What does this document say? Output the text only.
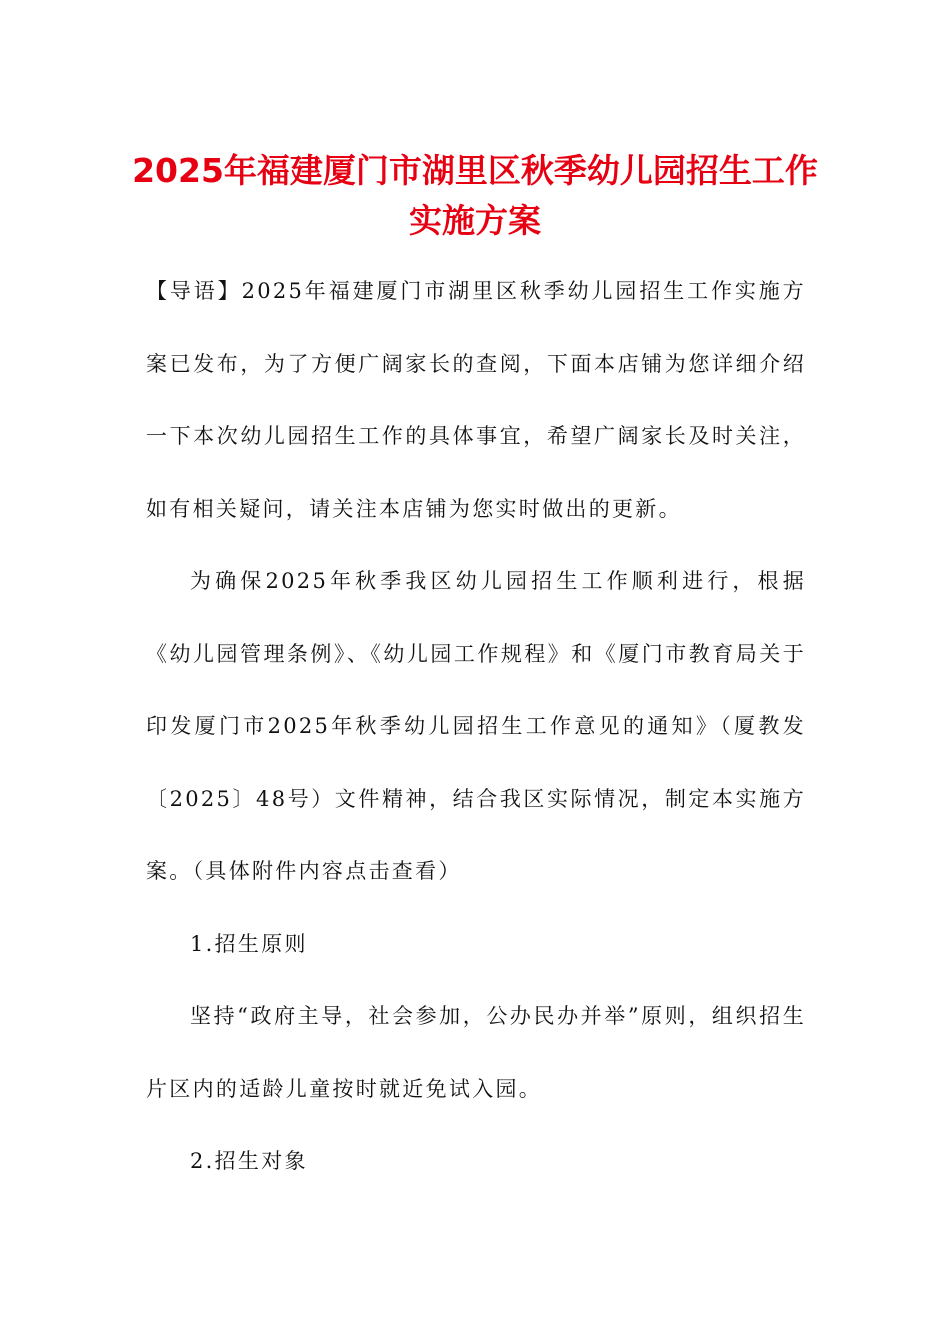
2025年福建厦门市湖里区秋季幼儿园招生工作实施方案

【导语】2025年福建厦门市湖里区秋季幼儿园招生工作实施方案已发布，为了方便广阔家长的查阅，下面本店铺为您详细介绍一下本次幼儿园招生工作的具体事宜，希望广阔家长及时关注，如有相关疑问，请关注本店铺为您实时做出的更新。

为确保2025年秋季我区幼儿园招生工作顺利进行，根据《幼儿园管理条例》、《幼儿园工作规程》和《厦门市教育局关于印发厦门市2025年秋季幼儿园招生工作意见的通知》（厦教发〔2025〕48号）文件精神，结合我区实际情况，制定本实施方案。（具体附件内容点击查看）

1.招生原则

坚持“政府主导，社会参加，公办民办并举”原则，组织招生片区内的适龄儿童按时就近免试入园。

2.招生对象
